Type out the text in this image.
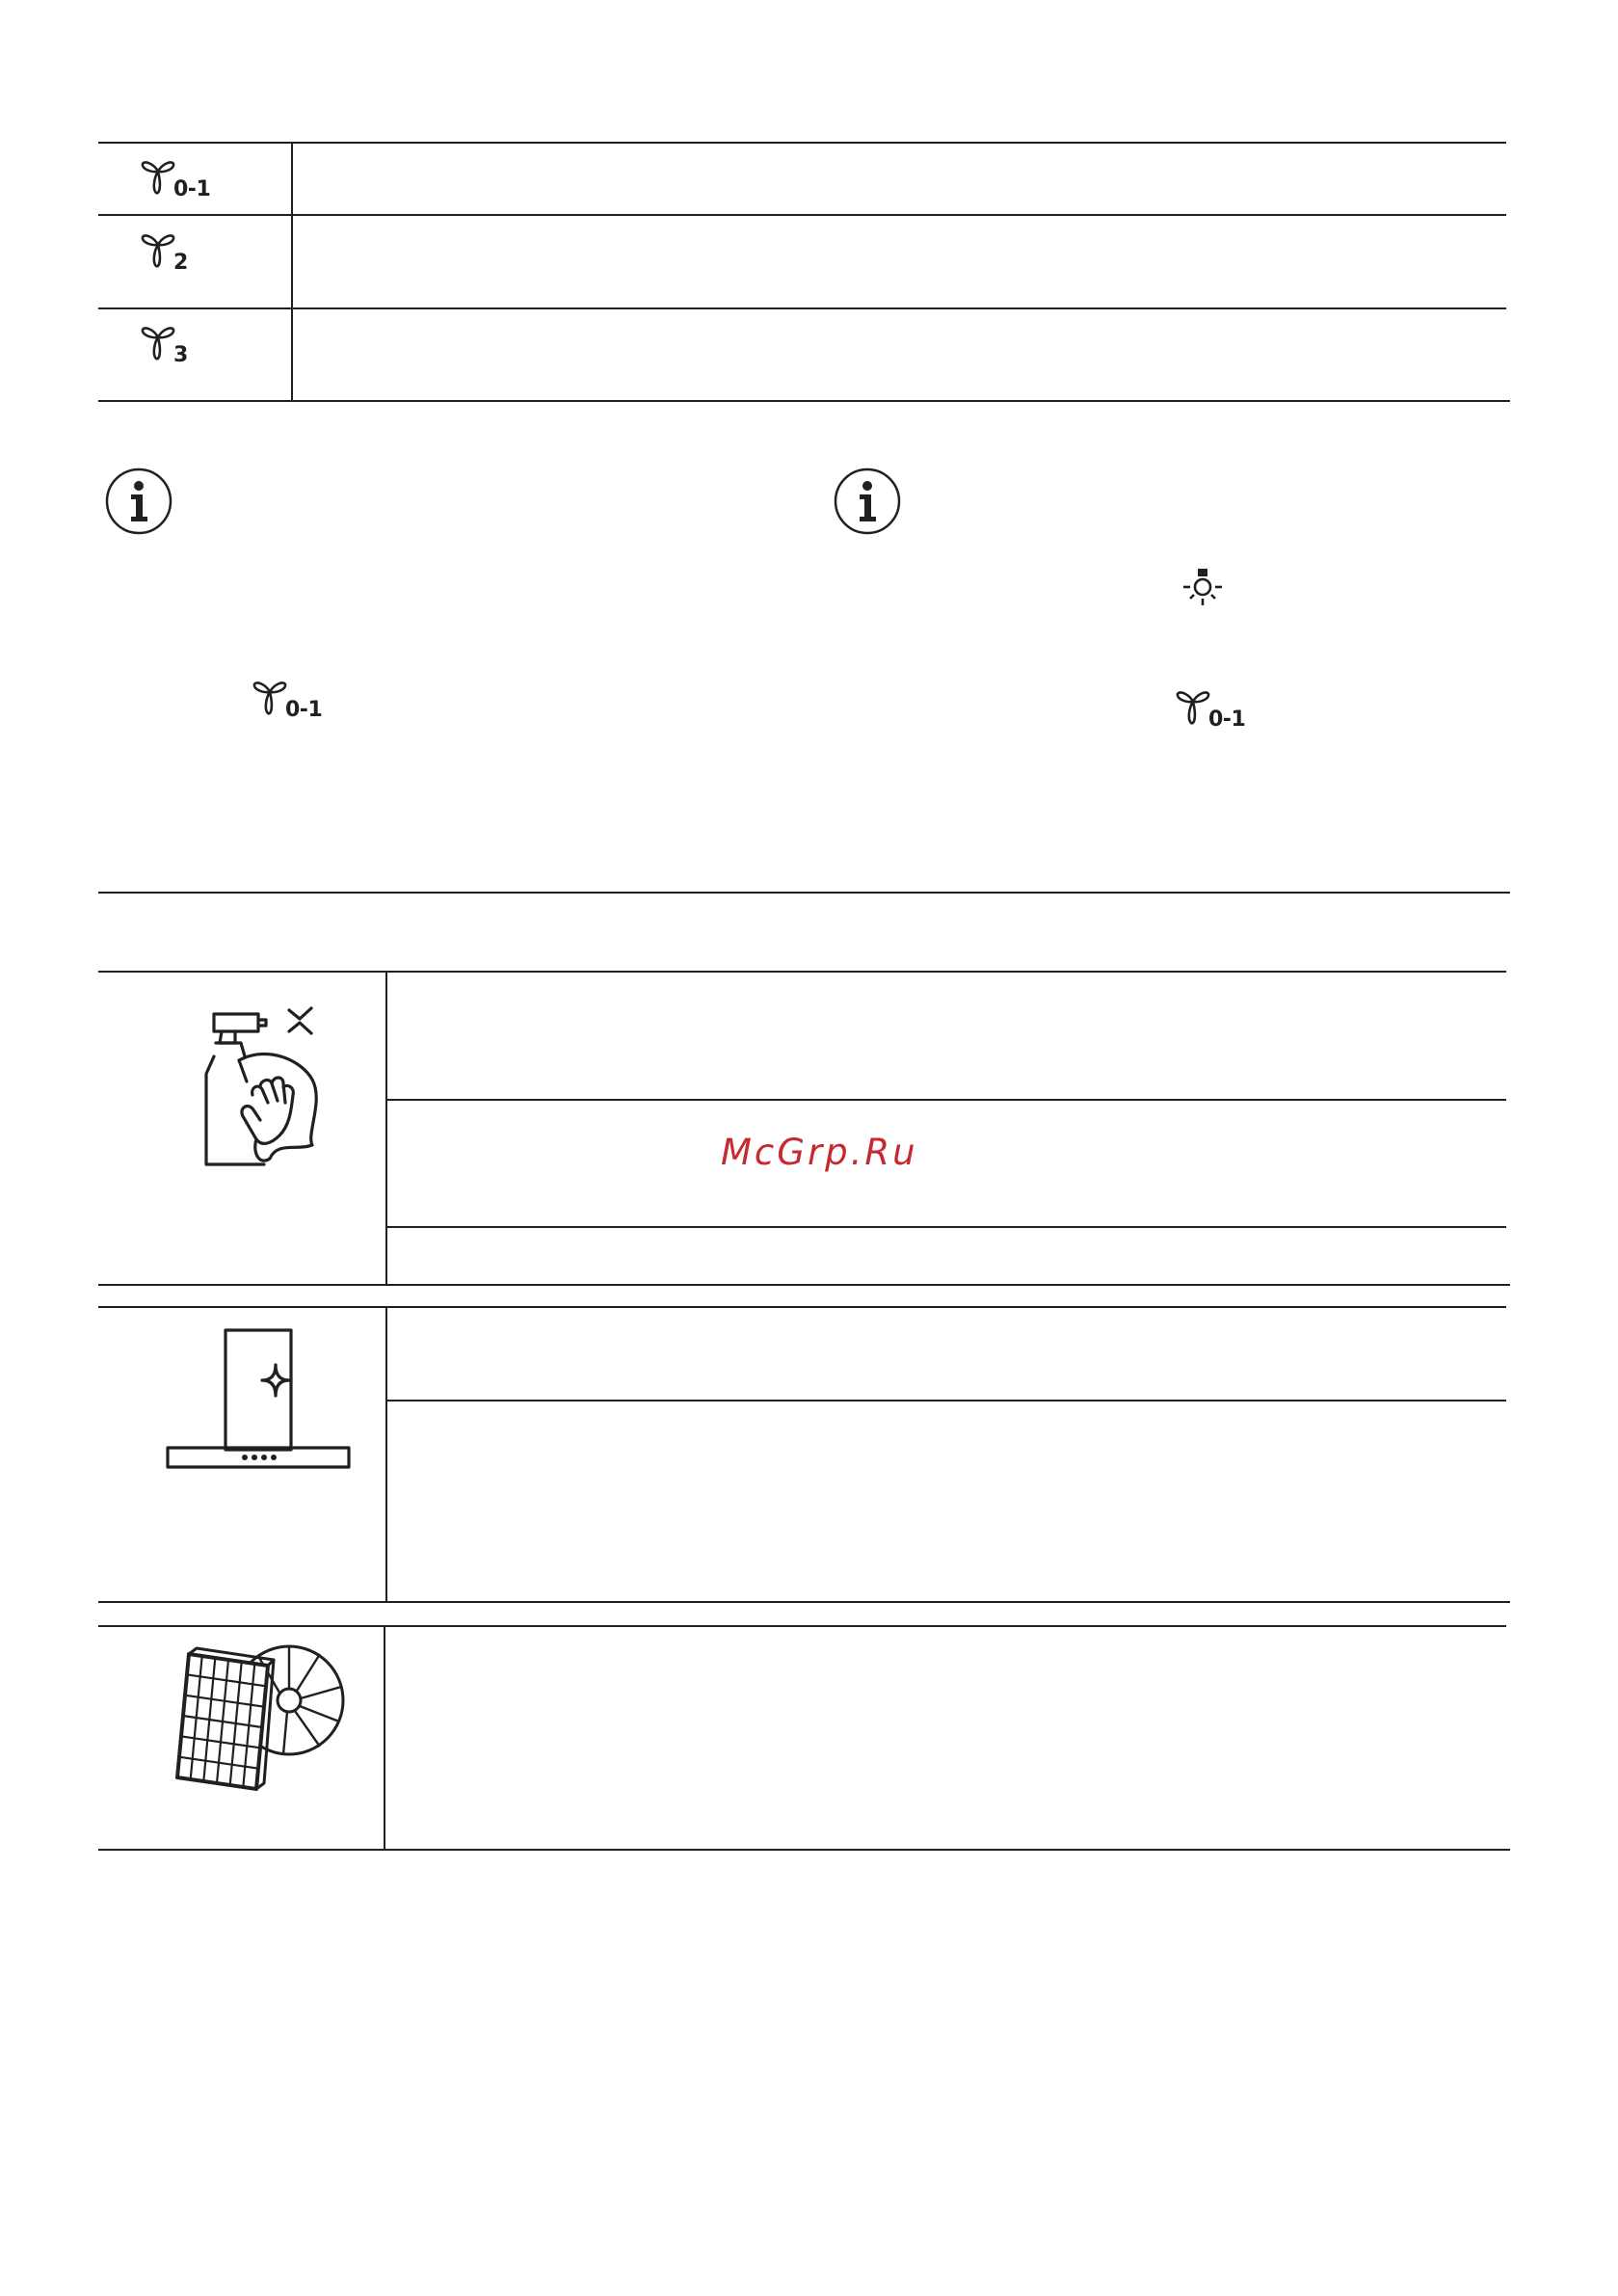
0-1
2
3
0-1	0-1
McGrp.Ru
